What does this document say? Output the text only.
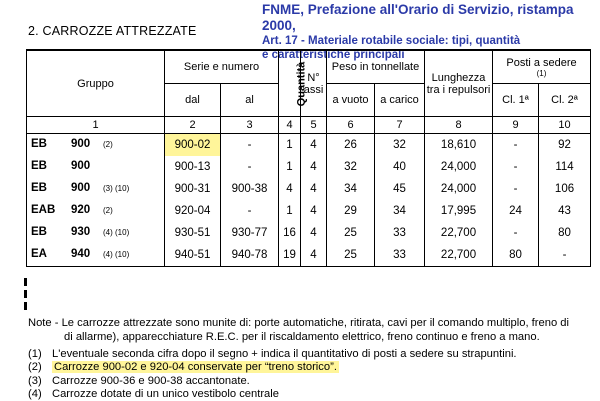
2. CARROZZE ATTREZZATE
FNME, Prefazione all'Orario di Servizio, ristampa 2000,
Art. 17 - Materiale rotabile sociale: tipi, quantità
e caratteristiche principali
Gruppo	Serie e numero		Quantità	N° assi	Peso in tonnellate		Lunghezza tra i repulsori	Posti a sedere
(1)	

	dal	al			a vuoto	a carico		Cl. 1ª	Cl. 2ª
1	2	3	4	5	6	7	8	9	10

EB 900 (2)	900-02	-	1	4	26	32	18,610	-	92

EB 900	900-13	-	1	4	32	40	24,000	-	114

EB 900 (3) (10)	900-31	900-38	4	4	34	45	24,000	-	106

EAB 920 (2)	920-04	-	1	4	29	34	17,995	24	43

EB 930 (4) (10)	930-51	930-77	16	4	25	33	22,700	-	80

EA 940 (4) (10)	940-51	940-78	19	4	25	33	22,700	80	-
Note - Le carrozze attrezzate sono munite di: porte automatiche, ritirata, cavi per il comando multiplo, freno di
di allarme), apparecchiature R.E.C. per il riscaldamento elettrico, freno continuo e freno a mano.
(1) L'eventuale seconda cifra dopo il segno + indica il quantitativo di posti a sedere su strapuntini.
(2) Carrozze 900-02 e 920-04 conservate per “treno storico”.
(3) Carrozze 900-36 e 900-38 accantonate.
(4) Carrozze dotate di un unico vestibolo centrale
